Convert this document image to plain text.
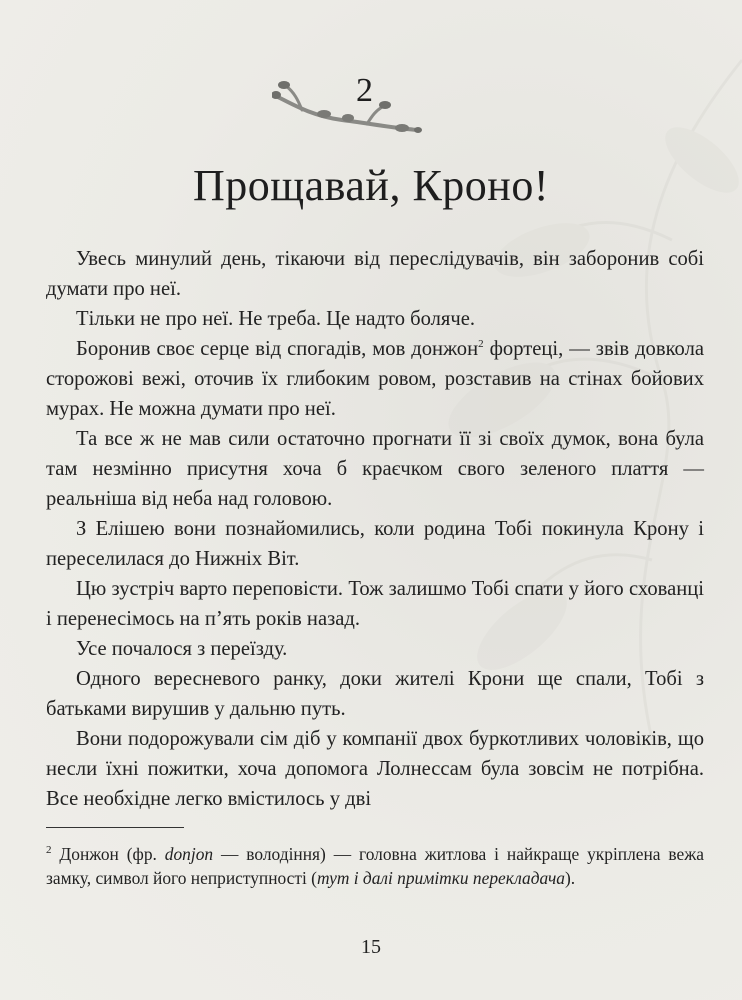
2
Прощавай, Кроно!

Увесь минулий день, тікаючи від переслідувачів, він заборонив собі думати про неї.

Тільки не про неї. Не треба. Це надто боляче.

Боронив своє серце від спогадів, мов донжон$^2$ фортеці, — звів довкола сторожові вежі, оточив їх глибоким ровом, розставив на стінах бойових мурах. Не можна думати про неї.

Та все ж не мав сили остаточно прогнати її зі своїх думок, вона була там незмінно присутня хоча б краєчком свого зеленого плаття — реальніша від неба над головою.

З Елішею вони познайомились, коли родина Тобі покинула Крону і переселилася до Нижніх Віт.

Цю зустріч варто переповісти. Тож залишмо Тобі спати у його схованці і перенесімось на п’ять років назад.

Усе почалося з переїзду.

Одного вересневого ранку, доки жителі Крони ще спали, Тобі з батьками вирушив у дальню путь.

Вони подорожували сім діб у компанії двох буркотливих чоловіків, що несли їхні пожитки, хоча допомога Лолнессам була зовсім не потрібна. Все необхідне легко вмістилось у дві

$^2$ Донжон (фр. donjon — володіння) — головна житлова і найкраще укріплена вежа замку, символ його неприступності (тут і далі примітки перекладача).
15
